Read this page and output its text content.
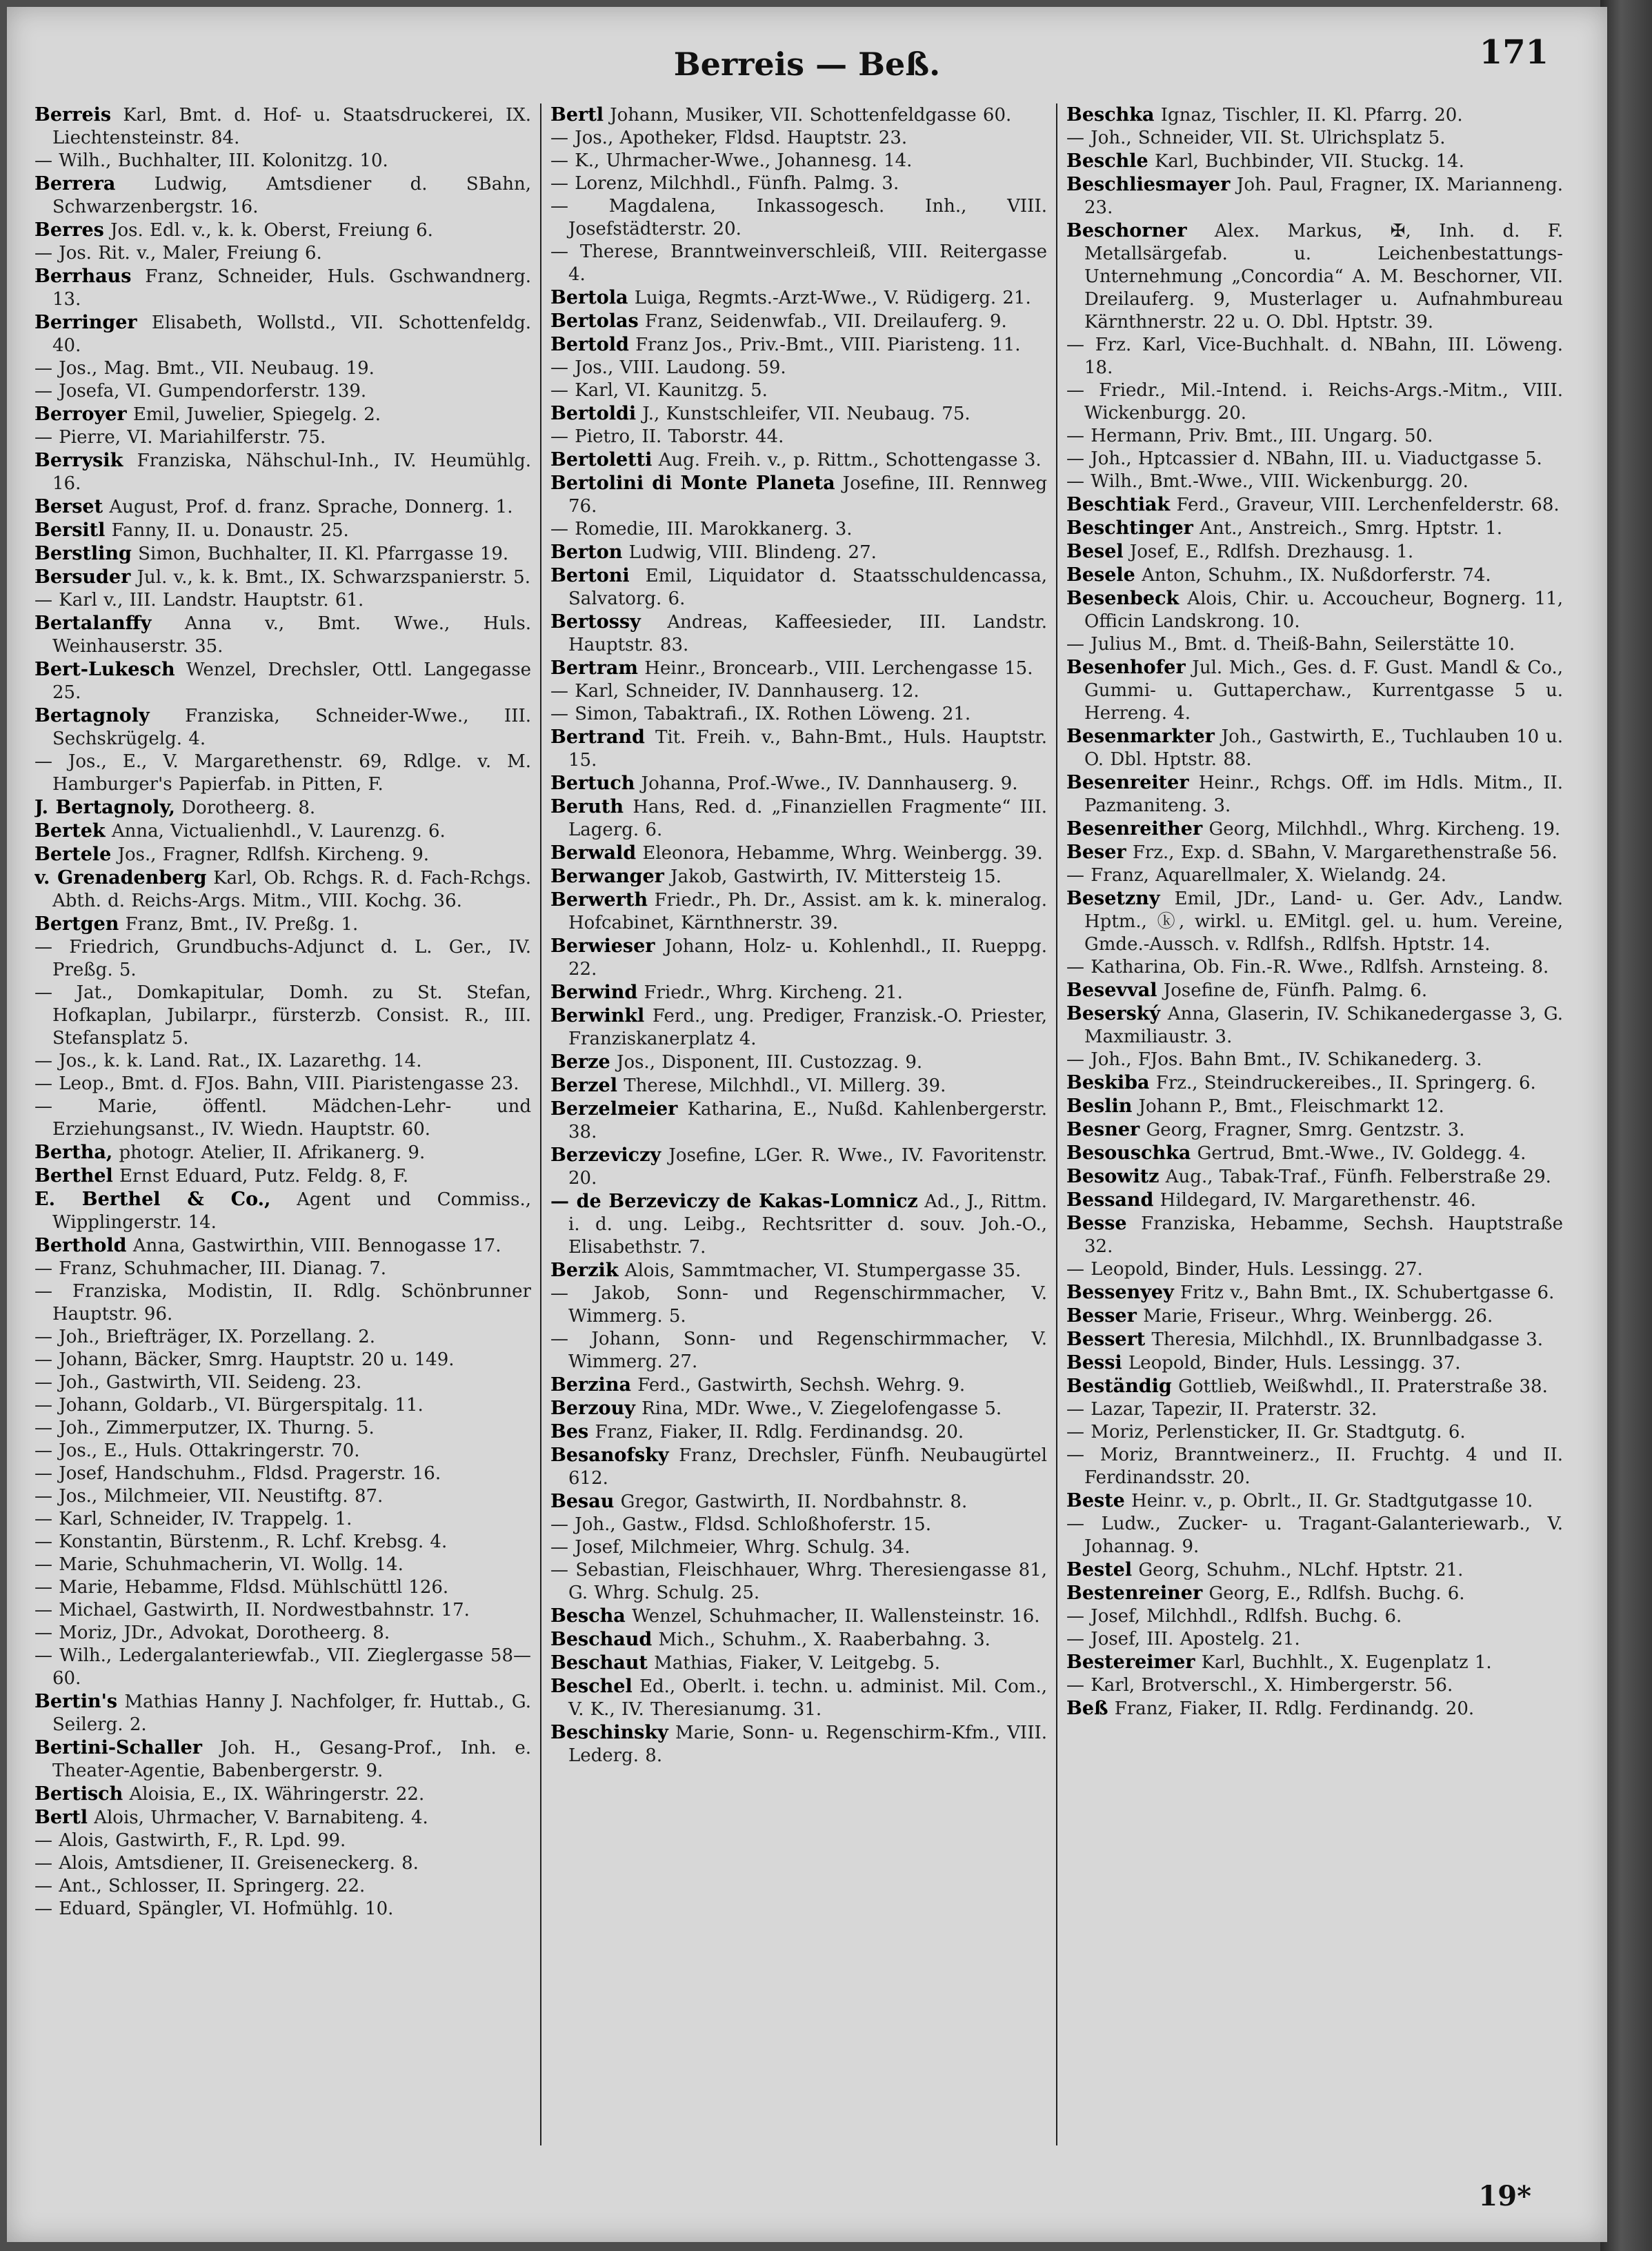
Berreis — Beß.	171

Berreis Karl, Bmt. d. Hof- u. Staatsdruckerei, IX. Liechtensteinstr. 84.

— Wilh., Buchhalter, III. Kolonitzg. 10.

Berrera Ludwig, Amtsdiener d. SBahn, Schwarzenbergstr. 16.

Berres Jos. Edl. v., k. k. Oberst, Freiung 6.

— Jos. Rit. v., Maler, Freiung 6.

Berrhaus Franz, Schneider, Huls. Gschwandnerg. 13.

Berringer Elisabeth, Wollstd., VII. Schottenfeldg. 40.

— Jos., Mag. Bmt., VII. Neubaug. 19.

— Josefa, VI. Gumpendorferstr. 139.

Berroyer Emil, Juwelier, Spiegelg. 2.

— Pierre, VI. Mariahilferstr. 75.

Berrysik Franziska, Nähschul-Inh., IV. Heumühlg. 16.

Berset August, Prof. d. franz. Sprache, Donnerg. 1.

Bersitl Fanny, II. u. Donaustr. 25.

Berstling Simon, Buchhalter, II. Kl. Pfarrgasse 19.

Bersuder Jul. v., k. k. Bmt., IX. Schwarzspanierstr. 5.

— Karl v., III. Landstr. Hauptstr. 61.

Bertalanffy Anna v., Bmt. Wwe., Huls. Weinhauserstr. 35.

Bert-Lukesch Wenzel, Drechsler, Ottl. Langegasse 25.

Bertagnoly Franziska, Schneider-Wwe., III. Sechskrügelg. 4.

— Jos., E., V. Margarethenstr. 69, Rdlge. v. M. Hamburger's Papierfab. in Pitten, F.

J. Bertagnoly, Dorotheerg. 8.

Bertek Anna, Victualienhdl., V. Laurenzg. 6.

Bertele Jos., Fragner, Rdlfsh. Kircheng. 9.

v. Grenadenberg Karl, Ob. Rchgs. R. d. Fach-Rchgs. Abth. d. Reichs-Args. Mitm., VIII. Kochg. 36.

Bertgen Franz, Bmt., IV. Preßg. 1.

— Friedrich, Grundbuchs-Adjunct d. L. Ger., IV. Preßg. 5.

— Jat., Domkapitular, Domh. zu St. Stefan, Hofkaplan, Jubilarpr., fürsterzb. Consist. R., III. Stefansplatz 5.

— Jos., k. k. Land. Rat., IX. Lazarethg. 14.

— Leop., Bmt. d. FJos. Bahn, VIII. Piaristengasse 23.

— Marie, öffentl. Mädchen-Lehr- und Erziehungsanst., IV. Wiedn. Hauptstr. 60.

Bertha, photogr. Atelier, II. Afrikanerg. 9.

Berthel Ernst Eduard, Putz. Feldg. 8, F.

E. Berthel & Co., Agent und Commiss., Wipplingerstr. 14.

Berthold Anna, Gastwirthin, VIII. Bennogasse 17.

— Franz, Schuhmacher, III. Dianag. 7.

— Franziska, Modistin, II. Rdlg. Schönbrunner Hauptstr. 96.

— Joh., Briefträger, IX. Porzellang. 2.

— Johann, Bäcker, Smrg. Hauptstr. 20 u. 149.

— Joh., Gastwirth, VII. Seideng. 23.

— Johann, Goldarb., VI. Bürgerspitalg. 11.

— Joh., Zimmerputzer, IX. Thurng. 5.

— Jos., E., Huls. Ottakringerstr. 70.

— Josef, Handschuhm., Fldsd. Pragerstr. 16.

— Jos., Milchmeier, VII. Neustiftg. 87.

— Karl, Schneider, IV. Trappelg. 1.

— Konstantin, Bürstenm., R. Lchf. Krebsg. 4.

— Marie, Schuhmacherin, VI. Wollg. 14.

— Marie, Hebamme, Fldsd. Mühlschüttl 126.

— Michael, Gastwirth, II. Nordwestbahnstr. 17.

— Moriz, JDr., Advokat, Dorotheerg. 8.

— Wilh., Ledergalanteriewfab., VII. Zieglergasse 58—60.

Bertin's Mathias Hanny J. Nachfolger, fr. Huttab., G. Seilerg. 2.

Bertini-Schaller Joh. H., Gesang-Prof., Inh. e. Theater-Agentie, Babenbergerstr. 9.

Bertisch Aloisia, E., IX. Währingerstr. 22.

Bertl Alois, Uhrmacher, V. Barnabiteng. 4.

— Alois, Gastwirth, F., R. Lpd. 99.

— Alois, Amtsdiener, II. Greiseneckerg. 8.

— Ant., Schlosser, II. Springerg. 22.

— Eduard, Spängler, VI. Hofmühlg. 10.

Bertl Johann, Musiker, VII. Schottenfeldgasse 60.

— Jos., Apotheker, Fldsd. Hauptstr. 23.

— K., Uhrmacher-Wwe., Johannesg. 14.

— Lorenz, Milchhdl., Fünfh. Palmg. 3.

— Magdalena, Inkassogesch. Inh., VIII. Josefstädterstr. 20.

— Therese, Branntweinverschleiß, VIII. Reitergasse 4.

Bertola Luiga, Regmts.-Arzt-Wwe., V. Rüdigerg. 21.

Bertolas Franz, Seidenwfab., VII. Dreilauferg. 9.

Bertold Franz Jos., Priv.-Bmt., VIII. Piaristeng. 11.

— Jos., VIII. Laudong. 59.

— Karl, VI. Kaunitzg. 5.

Bertoldi J., Kunstschleifer, VII. Neubaug. 75.

— Pietro, II. Taborstr. 44.

Bertoletti Aug. Freih. v., p. Rittm., Schottengasse 3.

Bertolini di Monte Planeta Josefine, III. Rennweg 76.

— Romedie, III. Marokkanerg. 3.

Berton Ludwig, VIII. Blindeng. 27.

Bertoni Emil, Liquidator d. Staatsschuldencassa, Salvatorg. 6.

Bertossy Andreas, Kaffeesieder, III. Landstr. Hauptstr. 83.

Bertram Heinr., Broncearb., VIII. Lerchengasse 15.

— Karl, Schneider, IV. Dannhauserg. 12.

— Simon, Tabaktrafi., IX. Rothen Löweng. 21.

Bertrand Tit. Freih. v., Bahn-Bmt., Huls. Hauptstr. 15.

Bertuch Johanna, Prof.-Wwe., IV. Dannhauserg. 9.

Beruth Hans, Red. d. „Finanziellen Fragmente“ III. Lagerg. 6.

Berwald Eleonora, Hebamme, Whrg. Weinbergg. 39.

Berwanger Jakob, Gastwirth, IV. Mittersteig 15.

Berwerth Friedr., Ph. Dr., Assist. am k. k. mineralog. Hofcabinet, Kärnthnerstr. 39.

Berwieser Johann, Holz- u. Kohlenhdl., II. Rueppg. 22.

Berwind Friedr., Whrg. Kircheng. 21.

Berwinkl Ferd., ung. Prediger, Franzisk.-O. Priester, Franziskanerplatz 4.

Berze Jos., Disponent, III. Custozzag. 9.

Berzel Therese, Milchhdl., VI. Millerg. 39.

Berzelmeier Katharina, E., Nußd. Kahlenbergerstr. 38.

Berzeviczy Josefine, LGer. R. Wwe., IV. Favoritenstr. 20.

— de Berzeviczy de Kakas-Lomnicz Ad., J., Rittm. i. d. ung. Leibg., Rechtsritter d. souv. Joh.-O., Elisabethstr. 7.

Berzik Alois, Sammtmacher, VI. Stumpergasse 35.

— Jakob, Sonn- und Regenschirmmacher, V. Wimmerg. 5.

— Johann, Sonn- und Regenschirmmacher, V. Wimmerg. 27.

Berzina Ferd., Gastwirth, Sechsh. Wehrg. 9.

Berzouy Rina, MDr. Wwe., V. Ziegelofengasse 5.

Bes Franz, Fiaker, II. Rdlg. Ferdinandsg. 20.

Besanofsky Franz, Drechsler, Fünfh. Neubaugürtel 612.

Besau Gregor, Gastwirth, II. Nordbahnstr. 8.

— Joh., Gastw., Fldsd. Schloßhoferstr. 15.

— Josef, Milchmeier, Whrg. Schulg. 34.

— Sebastian, Fleischhauer, Whrg. Theresiengasse 81, G. Whrg. Schulg. 25.

Bescha Wenzel, Schuhmacher, II. Wallensteinstr. 16.

Beschaud Mich., Schuhm., X. Raaberbahng. 3.

Beschaut Mathias, Fiaker, V. Leitgebg. 5.

Beschel Ed., Oberlt. i. techn. u. administ. Mil. Com., V. K., IV. Theresianumg. 31.

Beschinsky Marie, Sonn- u. Regenschirm-Kfm., VIII. Lederg. 8.

Beschka Ignaz, Tischler, II. Kl. Pfarrg. 20.

— Joh., Schneider, VII. St. Ulrichsplatz 5.

Beschle Karl, Buchbinder, VII. Stuckg. 14.

Beschliesmayer Joh. Paul, Fragner, IX. Marianneng. 23.

Beschorner Alex. Markus, ✠, Inh. d. F. Metallsärgefab. u. Leichenbestattungs-Unternehmung „Concordia“ A. M. Beschorner, VII. Dreilauferg. 9, Musterlager u. Aufnahmbureau Kärnthnerstr. 22 u. O. Dbl. Hptstr. 39.

— Frz. Karl, Vice-Buchhalt. d. NBahn, III. Löweng. 18.

— Friedr., Mil.-Intend. i. Reichs-Args.-Mitm., VIII. Wickenburgg. 20.

— Hermann, Priv. Bmt., III. Ungarg. 50.

— Joh., Hptcassier d. NBahn, III. u. Viaductgasse 5.

— Wilh., Bmt.-Wwe., VIII. Wickenburgg. 20.

Beschtiak Ferd., Graveur, VIII. Lerchenfelderstr. 68.

Beschtinger Ant., Anstreich., Smrg. Hptstr. 1.

Besel Josef, E., Rdlfsh. Drezhausg. 1.

Besele Anton, Schuhm., IX. Nußdorferstr. 74.

Besenbeck Alois, Chir. u. Accoucheur, Bognerg. 11, Officin Landskrong. 10.

— Julius M., Bmt. d. Theiß-Bahn, Seilerstätte 10.

Besenhofer Jul. Mich., Ges. d. F. Gust. Mandl & Co., Gummi- u. Guttaperchaw., Kurrentgasse 5 u. Herreng. 4.

Besenmarkter Joh., Gastwirth, E., Tuchlauben 10 u. O. Dbl. Hptstr. 88.

Besenreiter Heinr., Rchgs. Off. im Hdls. Mitm., II. Pazmaniteng. 3.

Besenreither Georg, Milchhdl., Whrg. Kircheng. 19.

Beser Frz., Exp. d. SBahn, V. Margarethenstraße 56.

— Franz, Aquarellmaler, X. Wielandg. 24.

Besetzny Emil, JDr., Land- u. Ger. Adv., Landw. Hptm., ⓚ, wirkl. u. EMitgl. gel. u. hum. Vereine, Gmde.-Aussch. v. Rdlfsh., Rdlfsh. Hptstr. 14.

— Katharina, Ob. Fin.-R. Wwe., Rdlfsh. Arnsteing. 8.

Besevval Josefine de, Fünfh. Palmg. 6.

Beserský Anna, Glaserin, IV. Schikanedergasse 3, G. Maxmiliaustr. 3.

— Joh., FJos. Bahn Bmt., IV. Schikanederg. 3.

Beskiba Frz., Steindruckereibes., II. Springerg. 6.

Beslin Johann P., Bmt., Fleischmarkt 12.

Besner Georg, Fragner, Smrg. Gentzstr. 3.

Besouschka Gertrud, Bmt.-Wwe., IV. Goldegg. 4.

Besowitz Aug., Tabak-Traf., Fünfh. Felberstraße 29.

Bessand Hildegard, IV. Margarethenstr. 46.

Besse Franziska, Hebamme, Sechsh. Hauptstraße 32.

— Leopold, Binder, Huls. Lessingg. 27.

Bessenyey Fritz v., Bahn Bmt., IX. Schubertgasse 6.

Besser Marie, Friseur., Whrg. Weinbergg. 26.

Bessert Theresia, Milchhdl., IX. Brunnlbadgasse 3.

Bessi Leopold, Binder, Huls. Lessingg. 37.

Beständig Gottlieb, Weißwhdl., II. Praterstraße 38.

— Lazar, Tapezir, II. Praterstr. 32.

— Moriz, Perlensticker, II. Gr. Stadtgutg. 6.

— Moriz, Branntweinerz., II. Fruchtg. 4 und II. Ferdinandsstr. 20.

Beste Heinr. v., p. Obrlt., II. Gr. Stadtgutgasse 10.

— Ludw., Zucker- u. Tragant-Galanteriewarb., V. Johannag. 9.

Bestel Georg, Schuhm., NLchf. Hptstr. 21.

Bestenreiner Georg, E., Rdlfsh. Buchg. 6.

— Josef, Milchhdl., Rdlfsh. Buchg. 6.

— Josef, III. Apostelg. 21.

Bestereimer Karl, Buchhlt., X. Eugenplatz 1.

— Karl, Brotverschl., X. Himbergerstr. 56.

Beß Franz, Fiaker, II. Rdlg. Ferdinandg. 20.

19*
